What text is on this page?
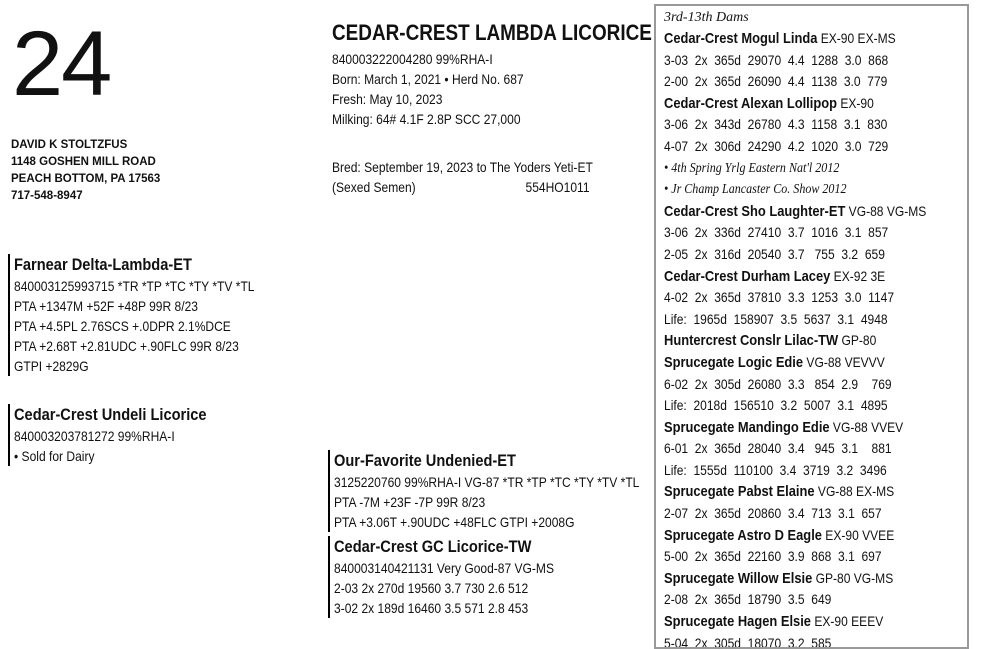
24
DAVID K STOLTZFUS
1148 GOSHEN MILL ROAD
PEACH BOTTOM, PA 17563
717-548-8947
CEDAR-CREST LAMBDA LICORICE
840003222004280 99%RHA-I
Born: March 1, 2021 • Herd No. 687
Fresh: May 10, 2023
Milking: 64# 4.1F 2.8P SCC 27,000
Bred: September 19, 2023 to The Yoders Yeti-ET
(Sexed Semen)	554HO1011
Farnear Delta-Lambda-ET
840003125993715 *TR *TP *TC *TY *TV *TL
PTA +1347M +52F +48P 99R 8/23
PTA +4.5PL 2.76SCS +.0DPR 2.1%DCE
PTA +2.68T +2.81UDC +.90FLC 99R 8/23
GTPI +2829G
Cedar-Crest Undeli Licorice
840003203781272 99%RHA-I
• Sold for Dairy	Our-Favorite Undenied-ET
3125220760 99%RHA-I VG-87 *TR *TP *TC *TY *TV *TL
PTA -7M +23F -7P 99R 8/23
PTA +3.06T +.90UDC +48FLC GTPI +2008G
Cedar-Crest GC Licorice-TW
840003140421131 Very Good-87 VG-MS
2-03 2x 270d 19560 3.7 730 2.6 512
3-02 2x 189d 16460 3.5 571 2.8 453
3rd-13th Dams
Cedar-Crest Mogul Linda EX-90 EX-MS
3-03  2x  365d  29070  4.4  1288  3.0  868
2-00  2x  365d  26090  4.4  1138  3.0  779
Cedar-Crest Alexan Lollipop EX-90
3-06  2x  343d  26780  4.3  1158  3.1  830
4-07  2x  306d  24290  4.2  1020  3.0  729
• 4th Spring Yrlg Eastern Nat'l 2012
• Jr Champ Lancaster Co. Show 2012
Cedar-Crest Sho Laughter-ET VG-88 VG-MS
3-06  2x  336d  27410  3.7  1016  3.1  857
2-05  2x  316d  20540  3.7   755  3.2  659
Cedar-Crest Durham Lacey EX-92 3E
4-02  2x  365d  37810  3.3  1253  3.0  1147
Life:  1965d  158907  3.5  5637  3.1  4948
Huntercrest Conslr Lilac-TW GP-80
Sprucegate Logic Edie VG-88 VEVVV
6-02  2x  305d  26080  3.3   854  2.9    769
Life:  2018d  156510  3.2  5007  3.1  4895
Sprucegate Mandingo Edie VG-88 VVEV
6-01  2x  365d  28040  3.4   945  3.1    881
Life:  1555d  110100  3.4  3719  3.2  3496
Sprucegate Pabst Elaine VG-88 EX-MS
2-07  2x  365d  20860  3.4  713  3.1  657
Sprucegate Astro D Eagle EX-90 VVEE
5-00  2x  365d  22160  3.9  868  3.1  697
Sprucegate Willow Elsie GP-80 VG-MS
2-08  2x  365d  18790  3.5  649
Sprucegate Hagen Elsie EX-90 EEEV
5-04  2x  305d  18070  3.2  585
